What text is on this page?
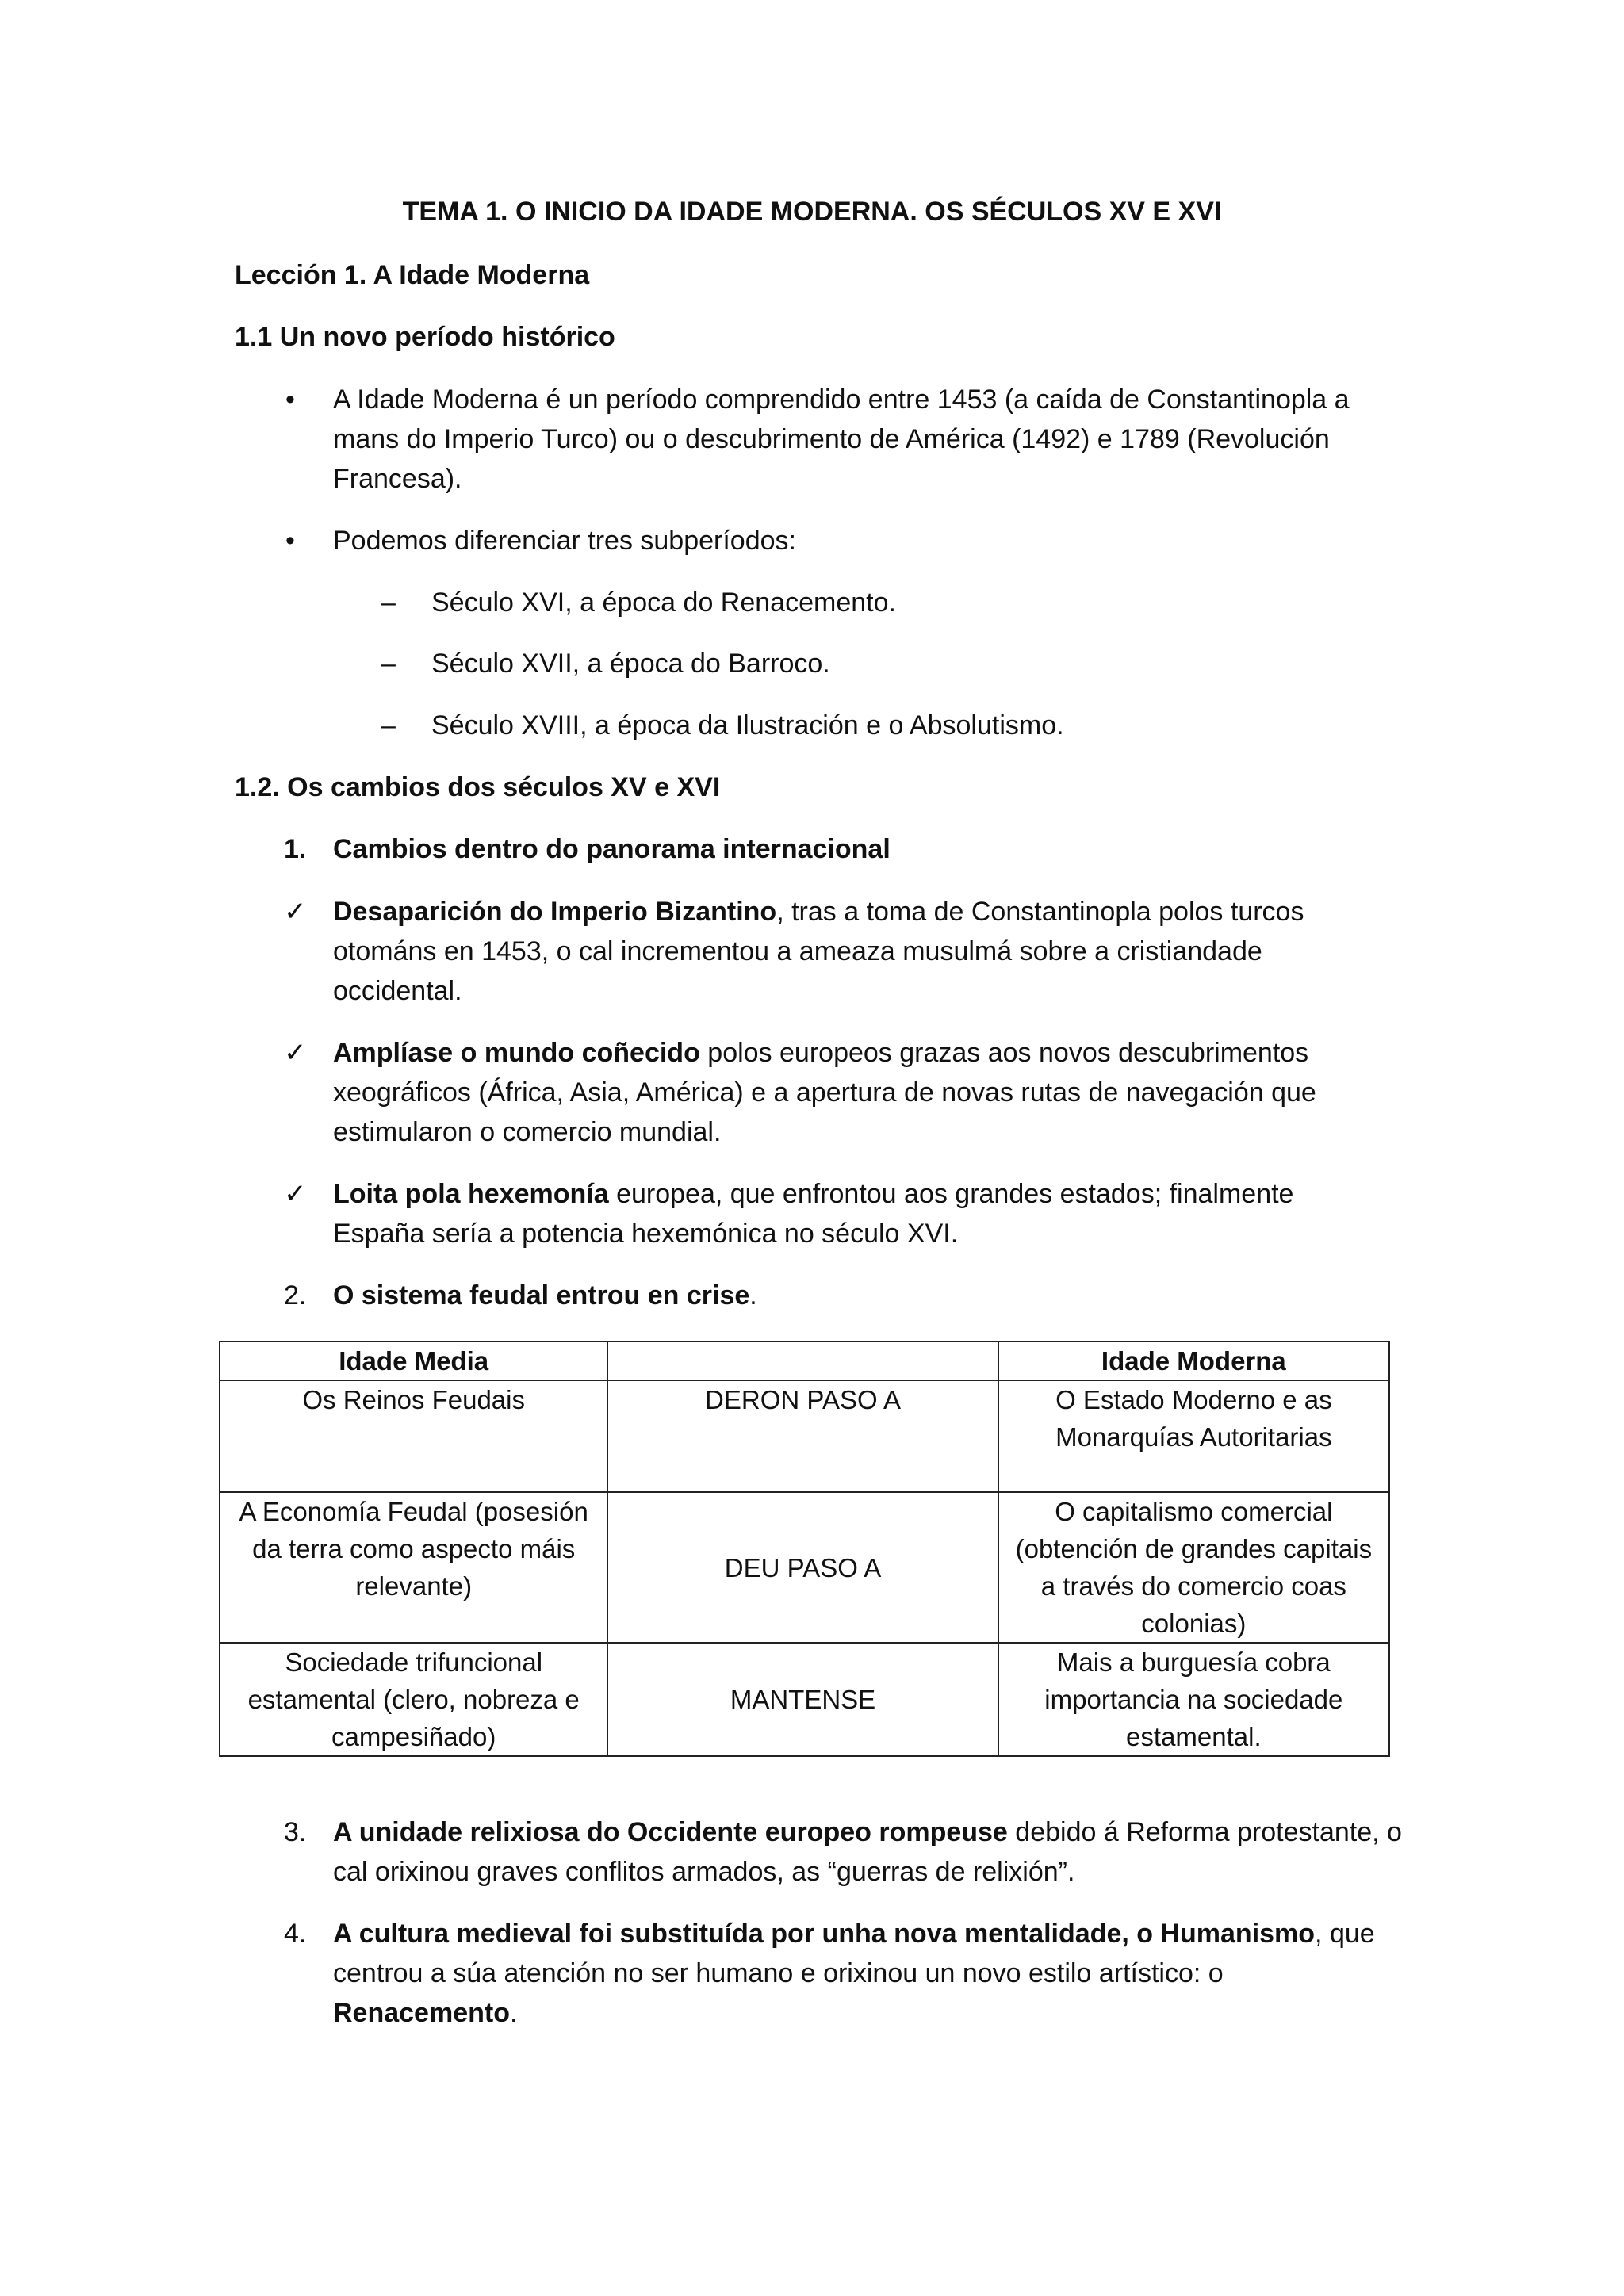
TEMA 1. O INICIO DA IDADE MODERNA. OS SÉCULOS XV E XVI
Lección 1. A Idade Moderna
1.1 Un novo período histórico
•	A Idade Moderna é un período comprendido entre 1453 (a caída de Constantinopla a
mans do Imperio Turco) ou o descubrimento de América (1492) e 1789 (Revolución
Francesa).
•	Podemos diferenciar tres subperíodos:
–	Século XVI, a época do Renacemento.
–	Século XVII, a época do Barroco.
–	Século XVIII, a época da Ilustración e o Absolutismo.
1.2. Os cambios dos séculos XV e XVI
1. Cambios dentro do panorama internacional
✓ Desaparición do Imperio Bizantino, tras a toma de Constantinopla polos turcos
otománs en 1453, o cal incrementou a ameaza musulmá sobre a cristiandade
occidental.
✓ Amplíase o mundo coñecido polos europeos grazas aos novos descubrimentos
xeográficos (África, Asia, América) e a apertura de novas rutas de navegación que
estimularon o comercio mundial.
✓ Loita pola hexemonía europea, que enfrontou aos grandes estados; finalmente
España sería a potencia hexemónica no século XVI.
2. O sistema feudal entrou en crise.
Idade Media		Idade Moderna
Os Reinos Feudais	DERON PASO A	O Estado Moderno e as Monarquías Autoritarias
A Economía Feudal (posesión da terra como aspecto máis relevante)	DEU PASO A	O capitalismo comercial (obtención de grandes capitais a través do comercio coas colonias)
Sociedade trifuncional estamental (clero, nobreza e campesiñado)	MANTENSE	Mais a burguesía cobra importancia na sociedade estamental.
3. A unidade relixiosa do Occidente europeo rompeuse debido á Reforma protestante, o
cal orixinou graves conflitos armados, as “guerras de relixión”.
4. A cultura medieval foi substituída por unha nova mentalidade, o Humanismo, que
centrou a súa atención no ser humano e orixinou un novo estilo artístico: o
Renacemento.
